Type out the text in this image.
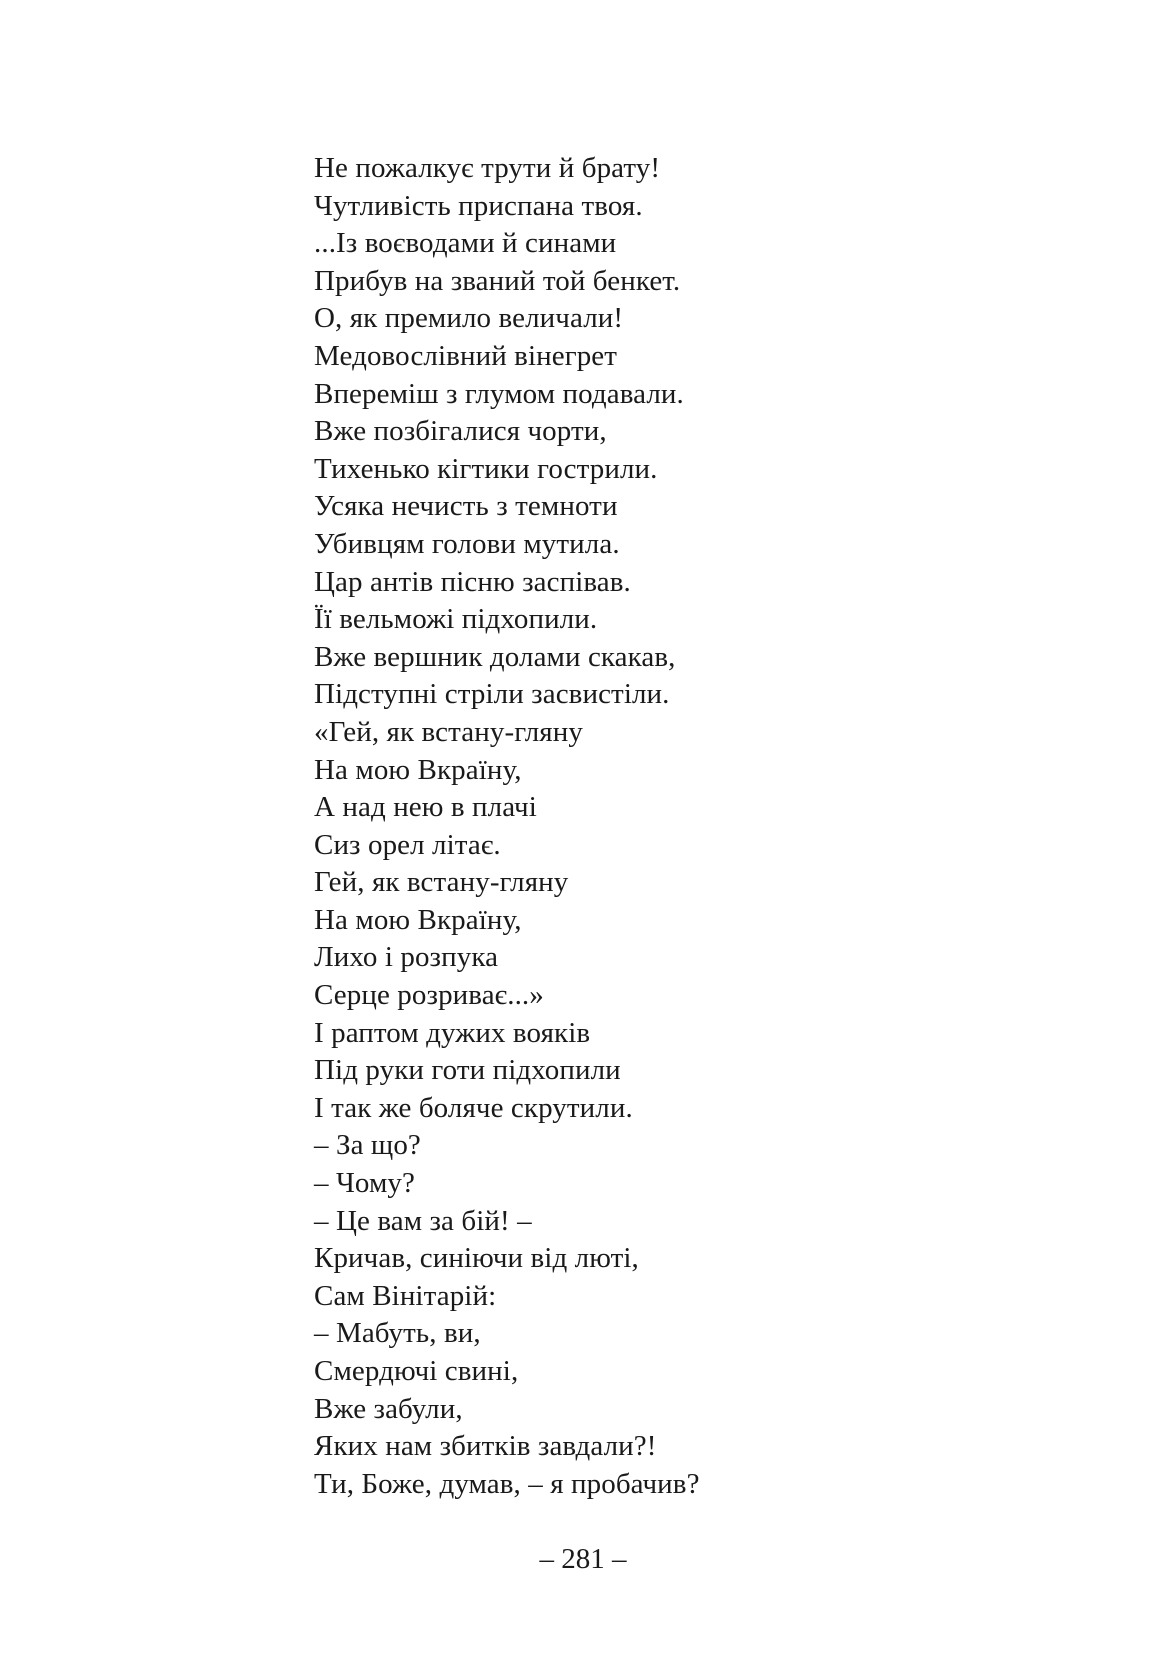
Не пожалкує трути й брату!
Чутливість приспана твоя.
...Із воєводами й синами
Прибув на званий той бенкет.
О, як премило величали!
Медовослівний вінегрет
Впереміш з глумом подавали.
Вже позбігалися чорти,
Тихенько кігтики гострили.
Усяка нечисть з темноти
Убивцям голови мутила.
Цар антів пісню заспівав.
Її вельможі підхопили.
Вже вершник долами скакав,
Підступні стріли засвистіли.
«Гей, як встану-гляну
На мою Вкраїну,
А над нею в плачі
Сиз орел літає.
Гей, як встану-гляну
На мою Вкраїну,
Лихо і розпука
Серце розриває...»
І раптом дужих вояків
Під руки готи підхопили
І так же боляче скрутили.
– За що?
– Чому?
– Це вам за бій! –
Кричав, синіючи від люті,
Сам Вінітарій:
– Мабуть, ви,
Смердючі свині,
Вже забули,
Яких нам збитків завдали?!
Ти, Боже, думав, – я пробачив?
– 281 –
